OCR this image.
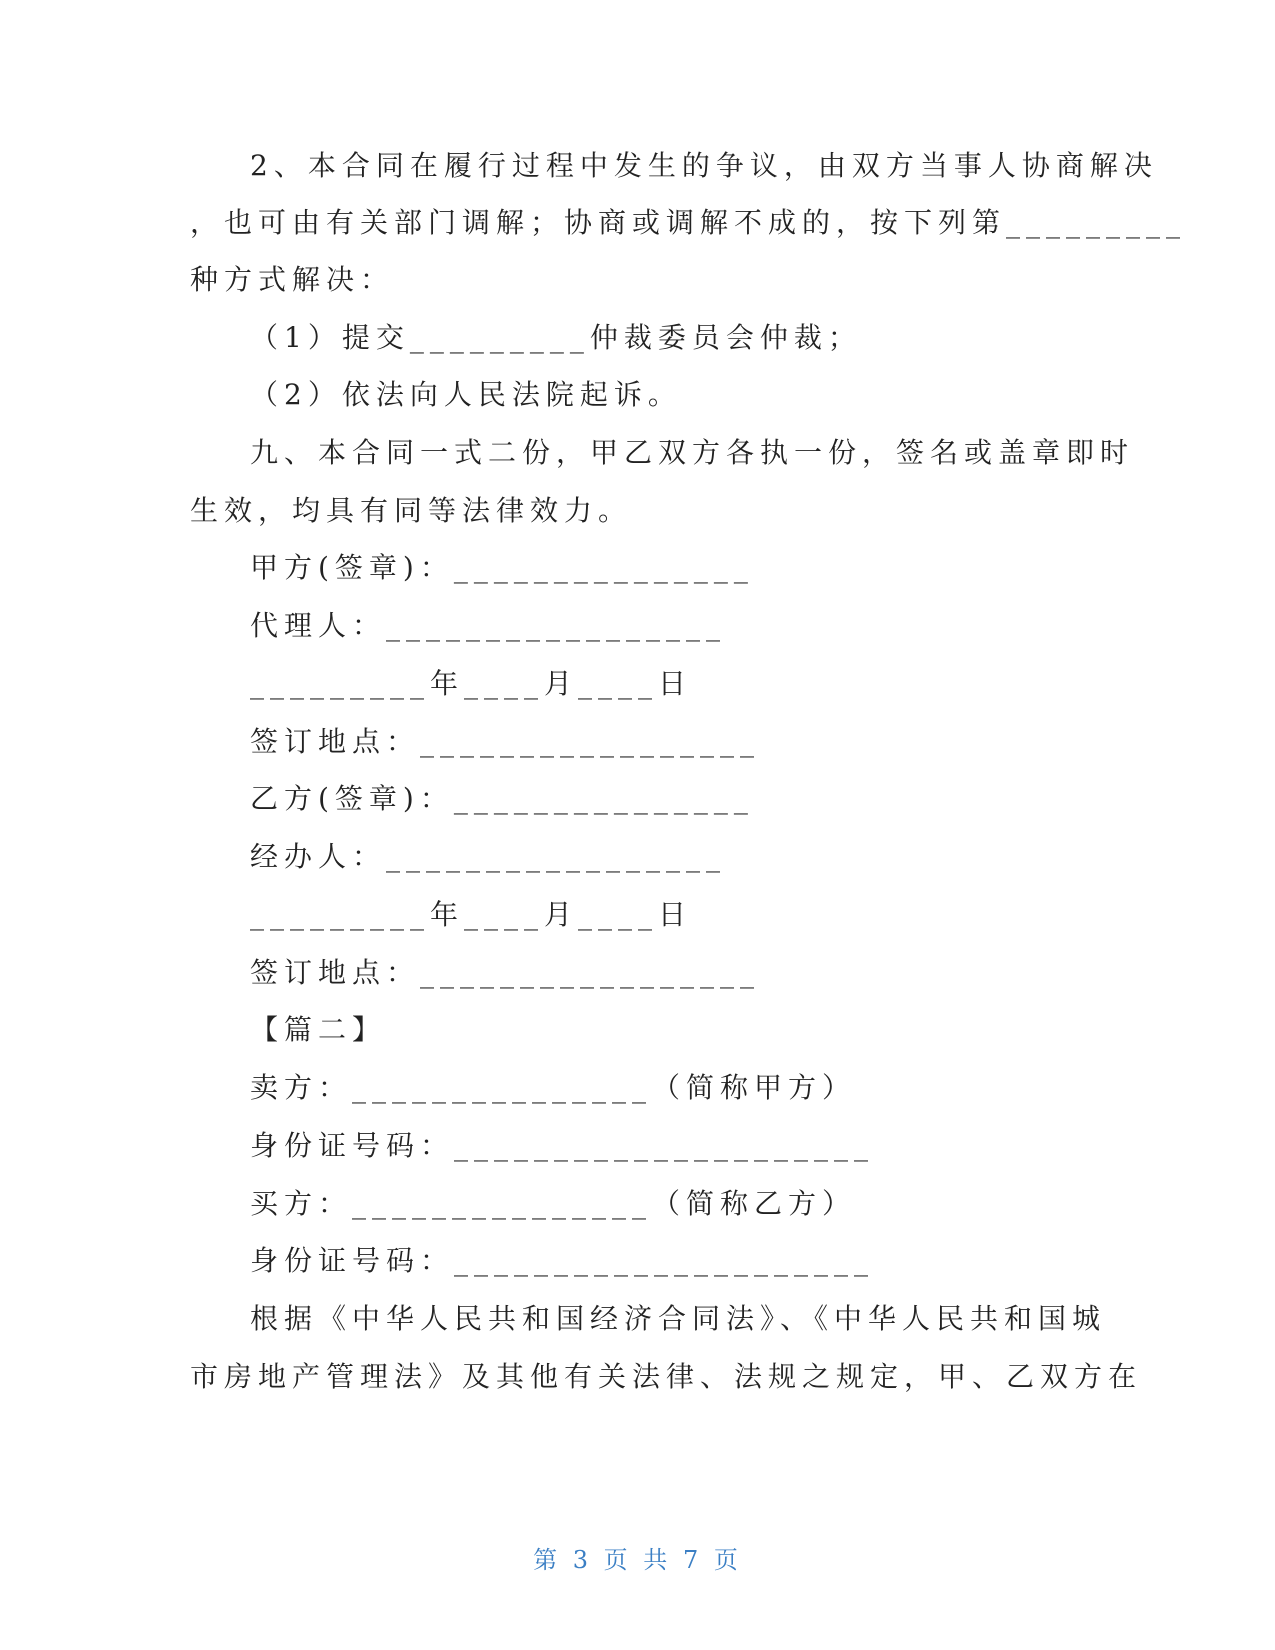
2、本合同在履行过程中发生的争议，由双方当事人协商解决
，也可由有关部门调解；协商或调解不成的，按下列第_________
种方式解决：
（1）提交_________仲裁委员会仲裁；
（2）依法向人民法院起诉。
九、本合同一式二份，甲乙双方各执一份，签名或盖章即时
生效，均具有同等法律效力。
甲方(签章)：_______________
代理人：_________________
_________年____月____日
签订地点：_________________
乙方(签章)：_______________
经办人：_________________
_________年____月____日
签订地点：_________________
【篇二】
卖方：_______________（简称甲方）
身份证号码：_____________________
买方：_______________（简称乙方）
身份证号码：_____________________
根据《中华人民共和国经济合同法》、《中华人民共和国城
市房地产管理法》及其他有关法律、法规之规定，甲、乙双方在
第 3 页 共 7 页
